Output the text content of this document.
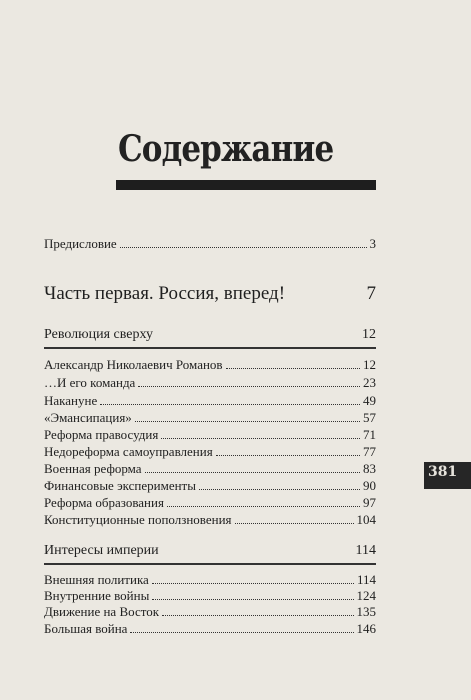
Содержание
Предисловие	3
Часть первая. Россия, вперед!	7
Революция сверху	12
Александр Николаевич Романов	12
…И его команда	23
Накануне	49
«Эмансипация»	57
Реформа правосудия	71
Недореформа самоуправления	77
Военная реформа	83
Финансовые эксперименты	90
Реформа образования	97
Конституционные поползновения	104
Интересы империи	114
Внешняя политика	114
Внутренние войны	124
Движение на Восток	135
Большая война	146
381
